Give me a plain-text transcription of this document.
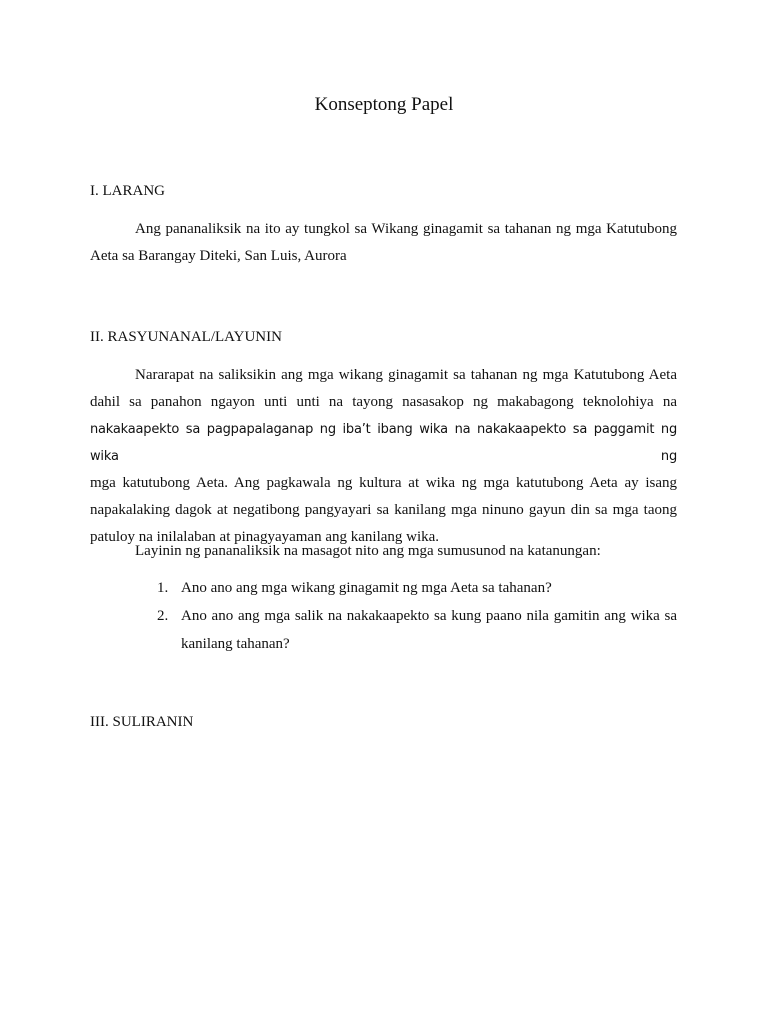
Konseptong Papel
I. LARANG

Ang pananaliksik na ito ay tungkol sa Wikang ginagamit sa tahanan ng mga Katutubong Aeta sa Barangay Diteki, San Luis, Aurora

II. RASYUNANAL/LAYUNIN
Nararapat na saliksikin ang mga wikang ginagamit sa tahanan ng mga Katutubong Aeta dahil sa panahon ngayon unti unti na tayong nasasakop ng makabagong teknolohiya na
nakakaapekto sa pagpapalaganap ng iba’t ibang wika na nakakaapekto sa paggamit ng wika ng
mga katutubong Aeta. Ang pagkawala ng kultura at wika ng mga katutubong Aeta ay isang napakalaking dagok at negatibong pangyayari sa kanilang mga ninuno gayun din sa mga taong patuloy na inilalaban at pinagyayaman ang kanilang wika.

Layinin ng pananaliksik na masagot nito ang mga sumusunod na katanungan:

1. Ano ano ang mga wikang ginagamit ng mga Aeta sa tahanan?
2. Ano ano ang mga salik na nakakaapekto sa kung paano nila gamitin ang wika sa kanilang tahanan?
III. SULIRANIN
